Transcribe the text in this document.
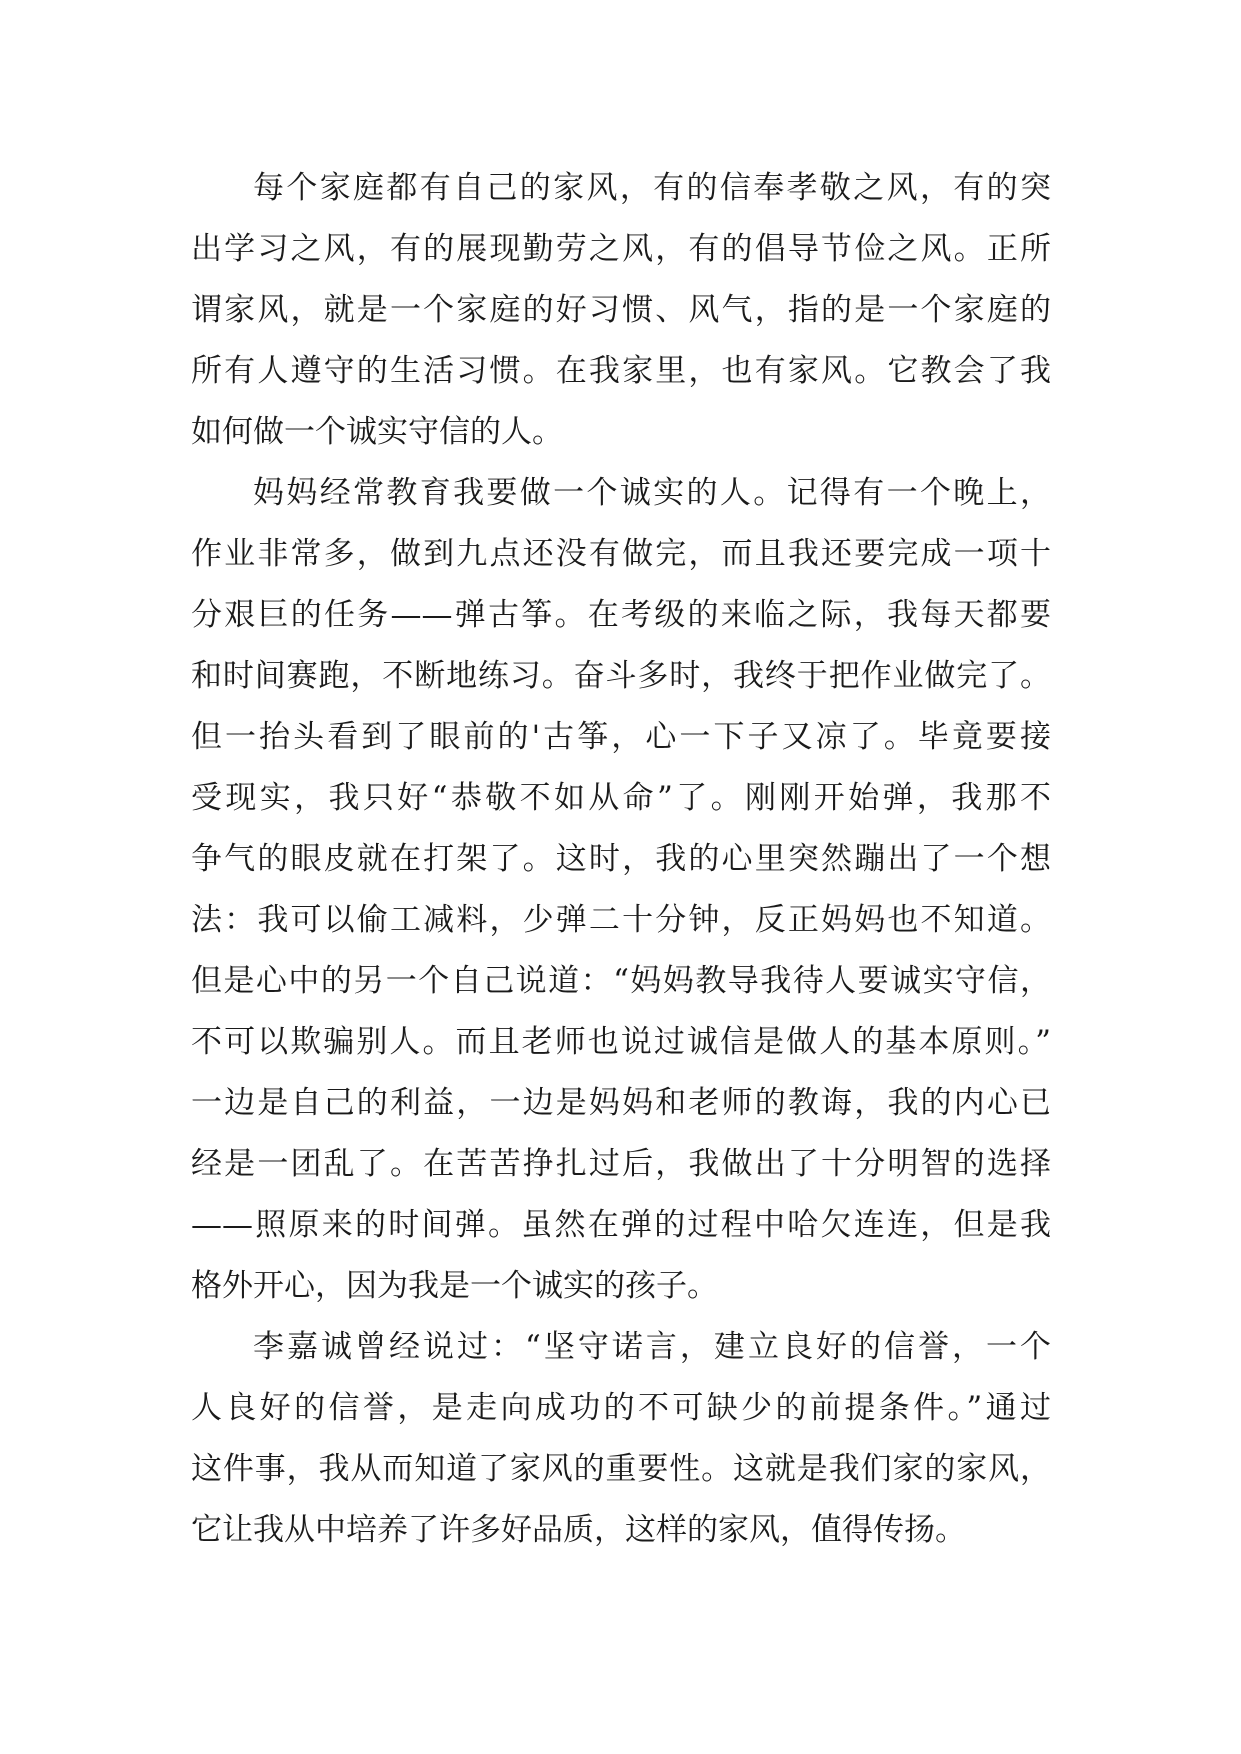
每个家庭都有自己的家风，有的信奉孝敬之风，有的突
出学习之风，有的展现勤劳之风，有的倡导节俭之风。正所
谓家风，就是一个家庭的好习惯、风气，指的是一个家庭的
所有人遵守的生活习惯。在我家里，也有家风。它教会了我
如何做一个诚实守信的人。
妈妈经常教育我要做一个诚实的人。记得有一个晚上，
作业非常多，做到九点还没有做完，而且我还要完成一项十
分艰巨的任务——弹古筝。在考级的来临之际，我每天都要
和时间赛跑，不断地练习。奋斗多时，我终于把作业做完了。
但一抬头看到了眼前的'古筝，心一下子又凉了。毕竟要接
受现实，我只好“恭敬不如从命”了。刚刚开始弹，我那不
争气的眼皮就在打架了。这时，我的心里突然蹦出了一个想
法：我可以偷工减料，少弹二十分钟，反正妈妈也不知道。
但是心中的另一个自己说道：“妈妈教导我待人要诚实守信，
不可以欺骗别人。而且老师也说过诚信是做人的基本原则。”
一边是自己的利益，一边是妈妈和老师的教诲，我的内心已
经是一团乱了。在苦苦挣扎过后，我做出了十分明智的选择
——照原来的时间弹。虽然在弹的过程中哈欠连连，但是我
格外开心，因为我是一个诚实的孩子。
李嘉诚曾经说过：“坚守诺言，建立良好的信誉，一个
人良好的信誉，是走向成功的不可缺少的前提条件。”通过
这件事，我从而知道了家风的重要性。这就是我们家的家风，
它让我从中培养了许多好品质，这样的家风，值得传扬。
